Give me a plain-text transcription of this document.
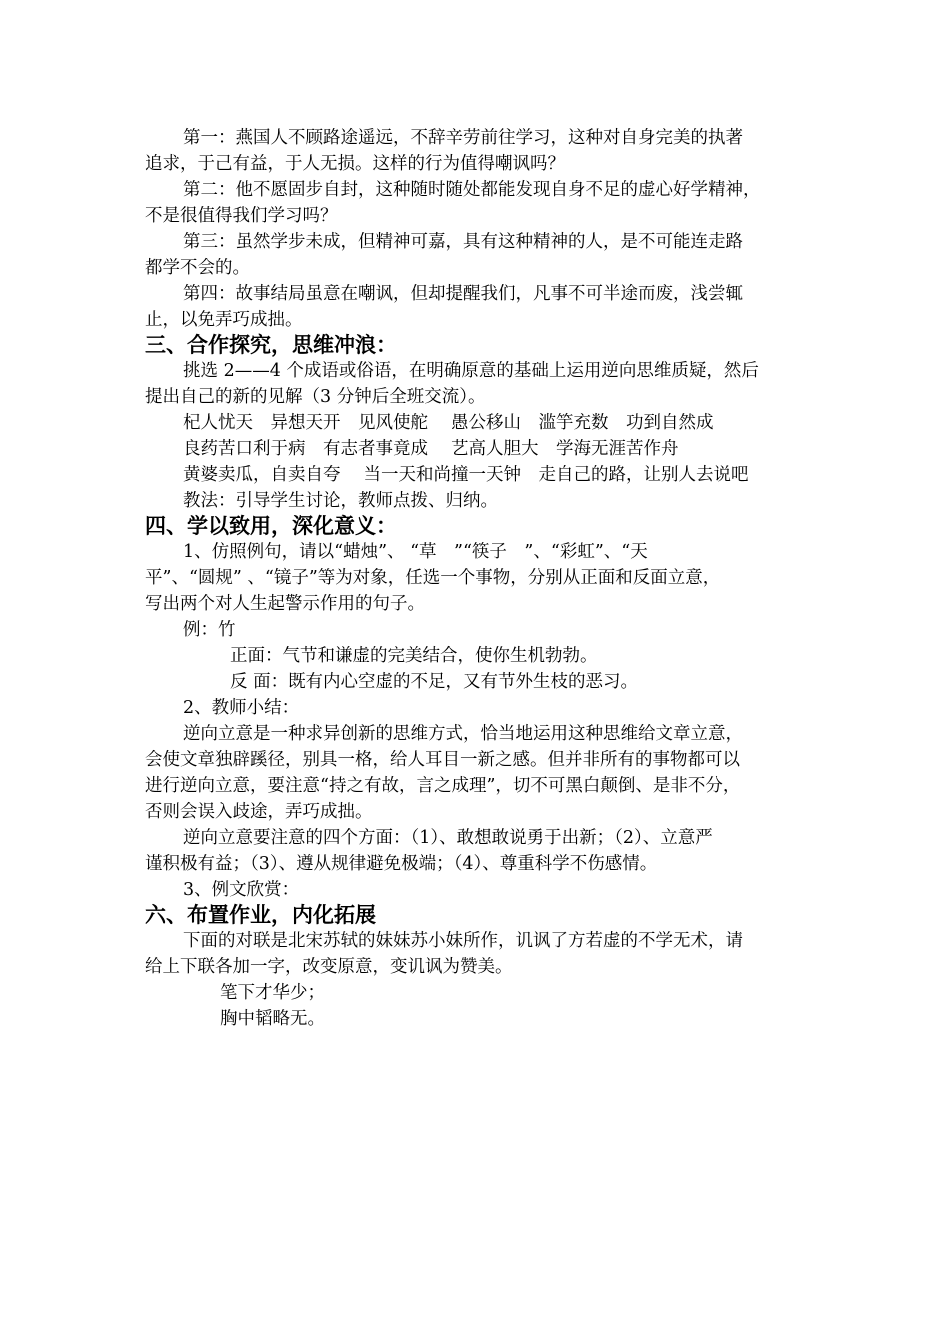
第一：燕国人不顾路途遥远，不辞辛劳前往学习，这种对自身完美的执著
追求，于己有益，于人无损。这样的行为值得嘲讽吗？
第二：他不愿固步自封，这种随时随处都能发现自身不足的虚心好学精神，
不是很值得我们学习吗？
第三：虽然学步未成，但精神可嘉，具有这种精神的人，是不可能连走路
都学不会的。
第四：故事结局虽意在嘲讽，但却提醒我们，凡事不可半途而废，浅尝辄
止，以免弄巧成拙。
三、合作探究，思维冲浪：
挑选 2——4 个成语或俗语，在明确原意的基础上运用逆向思维质疑，然后
提出自己的新的见解（3 分钟后全班交流）。
杞人忧天　异想天开　见风使舵　 愚公移山　滥竽充数　功到自然成
良药苦口利于病　有志者事竟成　 艺高人胆大　学海无涯苦作舟
黄婆卖瓜，自卖自夸　 当一天和尚撞一天钟　走自己的路，让别人去说吧
教法：引导学生讨论，教师点拨、归纳。
四、学以致用，深化意义：
1、仿照例句，请以“蜡烛”、 “草　”“筷子　”、“彩虹”、“天
平”、“圆规” 、“镜子”等为对象，任选一个事物，分别从正面和反面立意，
写出两个对人生起警示作用的句子。
例：竹
正面：气节和谦虚的完美结合，使你生机勃勃。
反 面：既有内心空虚的不足，又有节外生枝的恶习。
2、教师小结：
逆向立意是一种求异创新的思维方式，恰当地运用这种思维给文章立意，
会使文章独辟蹊径，别具一格，给人耳目一新之感。但并非所有的事物都可以
进行逆向立意，要注意“持之有故，言之成理”，切不可黑白颠倒、是非不分，
否则会误入歧途，弄巧成拙。
逆向立意要注意的四个方面：（1）、敢想敢说勇于出新；（2）、立意严
谨积极有益；（3）、遵从规律避免极端；（4）、尊重科学不伤感情。
3、例文欣赏：
六、布置作业，内化拓展
下面的对联是北宋苏轼的妹妹苏小妹所作，讥讽了方若虚的不学无术，请
给上下联各加一字，改变原意，变讥讽为赞美。
笔下才华少；
胸中韬略无。
